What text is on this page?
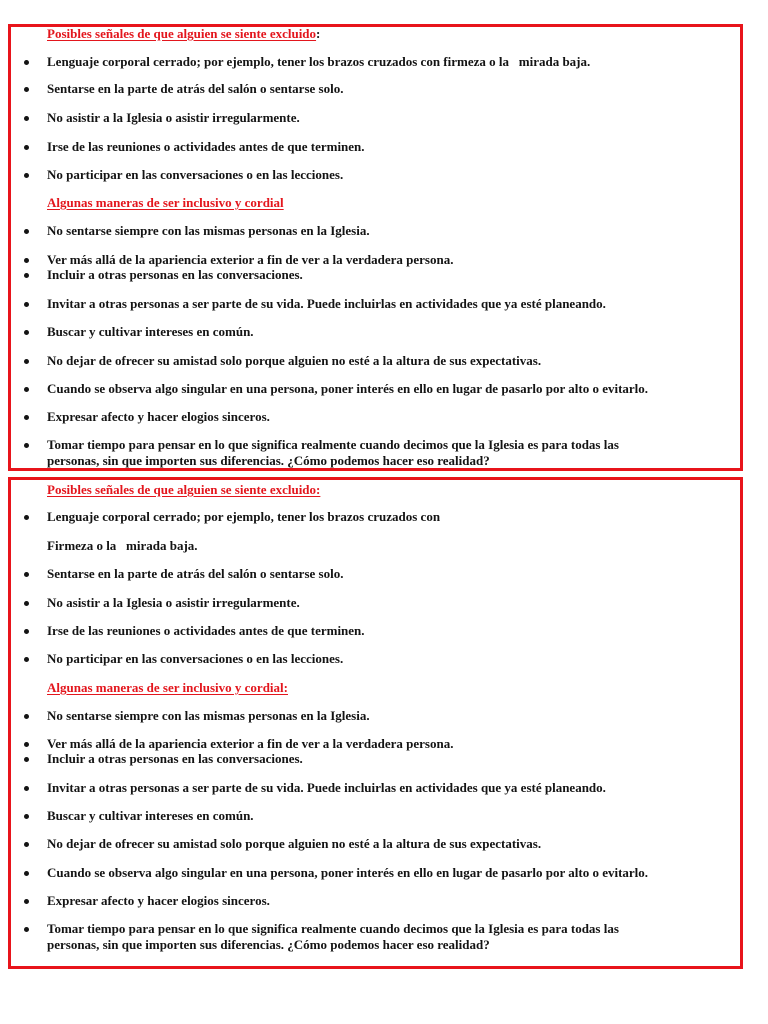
Posibles señales de que alguien se siente excluido:
Lenguaje corporal cerrado; por ejemplo, tener los brazos cruzados con firmeza o la   mirada baja.
Sentarse en la parte de atrás del salón o sentarse solo.
No asistir a la Iglesia o asistir irregularmente.
Irse de las reuniones o actividades antes de que terminen.
No participar en las conversaciones o en las lecciones.
Algunas maneras de ser inclusivo y cordial
No sentarse siempre con las mismas personas en la Iglesia.
Ver más allá de la apariencia exterior a fin de ver a la verdadera persona.
Incluir a otras personas en las conversaciones.
Invitar a otras personas a ser parte de su vida. Puede incluirlas en actividades que ya esté planeando.
Buscar y cultivar intereses en común.
No dejar de ofrecer su amistad solo porque alguien no esté a la altura de sus expectativas.
Cuando se observa algo singular en una persona, poner interés en ello en lugar de pasarlo por alto o evitarlo.
Expresar afecto y hacer elogios sinceros.
Tomar tiempo para pensar en lo que significa realmente cuando decimos que la Iglesia es para todas las
personas, sin que importen sus diferencias. ¿Cómo podemos hacer eso realidad?
Posibles señales de que alguien se siente excluido:
Lenguaje corporal cerrado; por ejemplo, tener los brazos cruzados con
Firmeza o la   mirada baja.
Sentarse en la parte de atrás del salón o sentarse solo.
No asistir a la Iglesia o asistir irregularmente.
Irse de las reuniones o actividades antes de que terminen.
No participar en las conversaciones o en las lecciones.
Algunas maneras de ser inclusivo y cordial:
No sentarse siempre con las mismas personas en la Iglesia.
Ver más allá de la apariencia exterior a fin de ver a la verdadera persona.
Incluir a otras personas en las conversaciones.
Invitar a otras personas a ser parte de su vida. Puede incluirlas en actividades que ya esté planeando.
Buscar y cultivar intereses en común.
No dejar de ofrecer su amistad solo porque alguien no esté a la altura de sus expectativas.
Cuando se observa algo singular en una persona, poner interés en ello en lugar de pasarlo por alto o evitarlo.
Expresar afecto y hacer elogios sinceros.
Tomar tiempo para pensar en lo que significa realmente cuando decimos que la Iglesia es para todas las
personas, sin que importen sus diferencias. ¿Cómo podemos hacer eso realidad?
